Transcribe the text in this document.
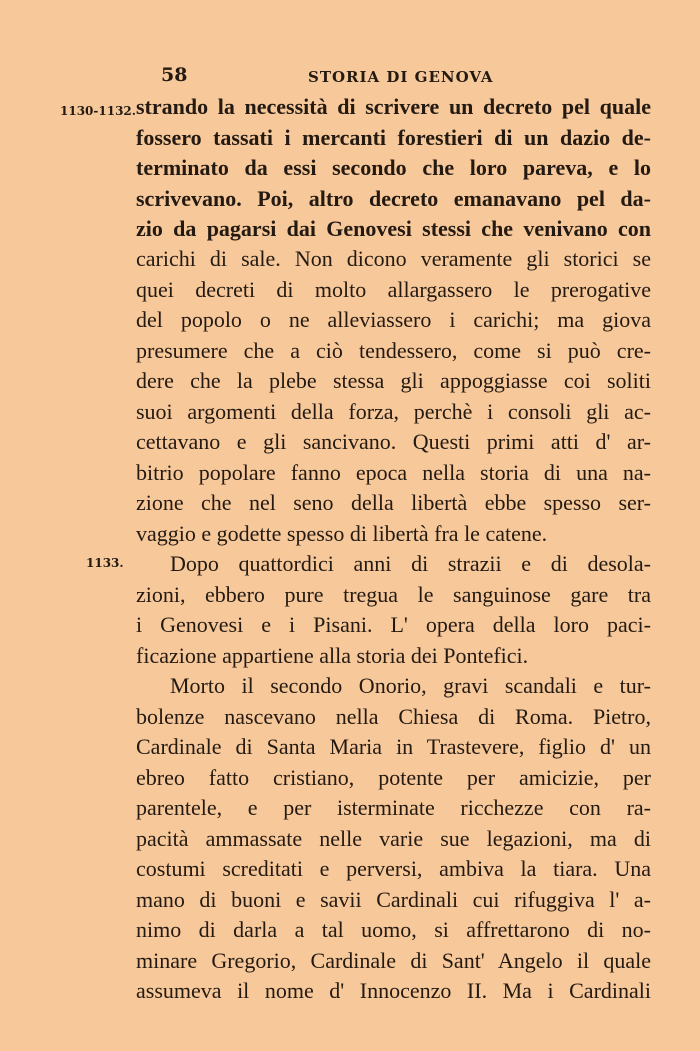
58	STORIA DI GENOVA
1130-1132.
1133.
strando la necessità di scrivere un decreto pel quale
fossero tassati i mercanti forestieri di un dazio de-
terminato da essi secondo che loro pareva, e lo
scrivevano. Poi, altro decreto emanavano pel da-
zio da pagarsi dai Genovesi stessi che venivano con
carichi di sale. Non dicono veramente gli storici se
quei decreti di molto allargassero le prerogative
del popolo o ne alleviassero i carichi; ma giova
presumere che a ciò tendessero, come si può cre-
dere che la plebe stessa gli appoggiasse coi soliti
suoi argomenti della forza, perchè i consoli gli ac-
cettavano e gli sancivano. Questi primi atti d' ar-
bitrio popolare fanno epoca nella storia di una na-
zione che nel seno della libertà ebbe spesso ser-
vaggio e godette spesso di libertà fra le catene.
Dopo quattordici anni di strazii e di desola-
zioni, ebbero pure tregua le sanguinose gare tra
i Genovesi e i Pisani. L' opera della loro paci-
ficazione appartiene alla storia dei Pontefici.
Morto il secondo Onorio, gravi scandali e tur-
bolenze nascevano nella Chiesa di Roma. Pietro,
Cardinale di Santa Maria in Trastevere, figlio d' un
ebreo fatto cristiano, potente per amicizie, per
parentele, e per isterminate ricchezze con ra-
pacità ammassate nelle varie sue legazioni, ma di
costumi screditati e perversi, ambiva la tiara. Una
mano di buoni e savii Cardinali cui rifuggiva l' a-
nimo di darla a tal uomo, si affrettarono di no-
minare Gregorio, Cardinale di Sant' Angelo il quale
assumeva il nome d' Innocenzo II. Ma i Cardinali
